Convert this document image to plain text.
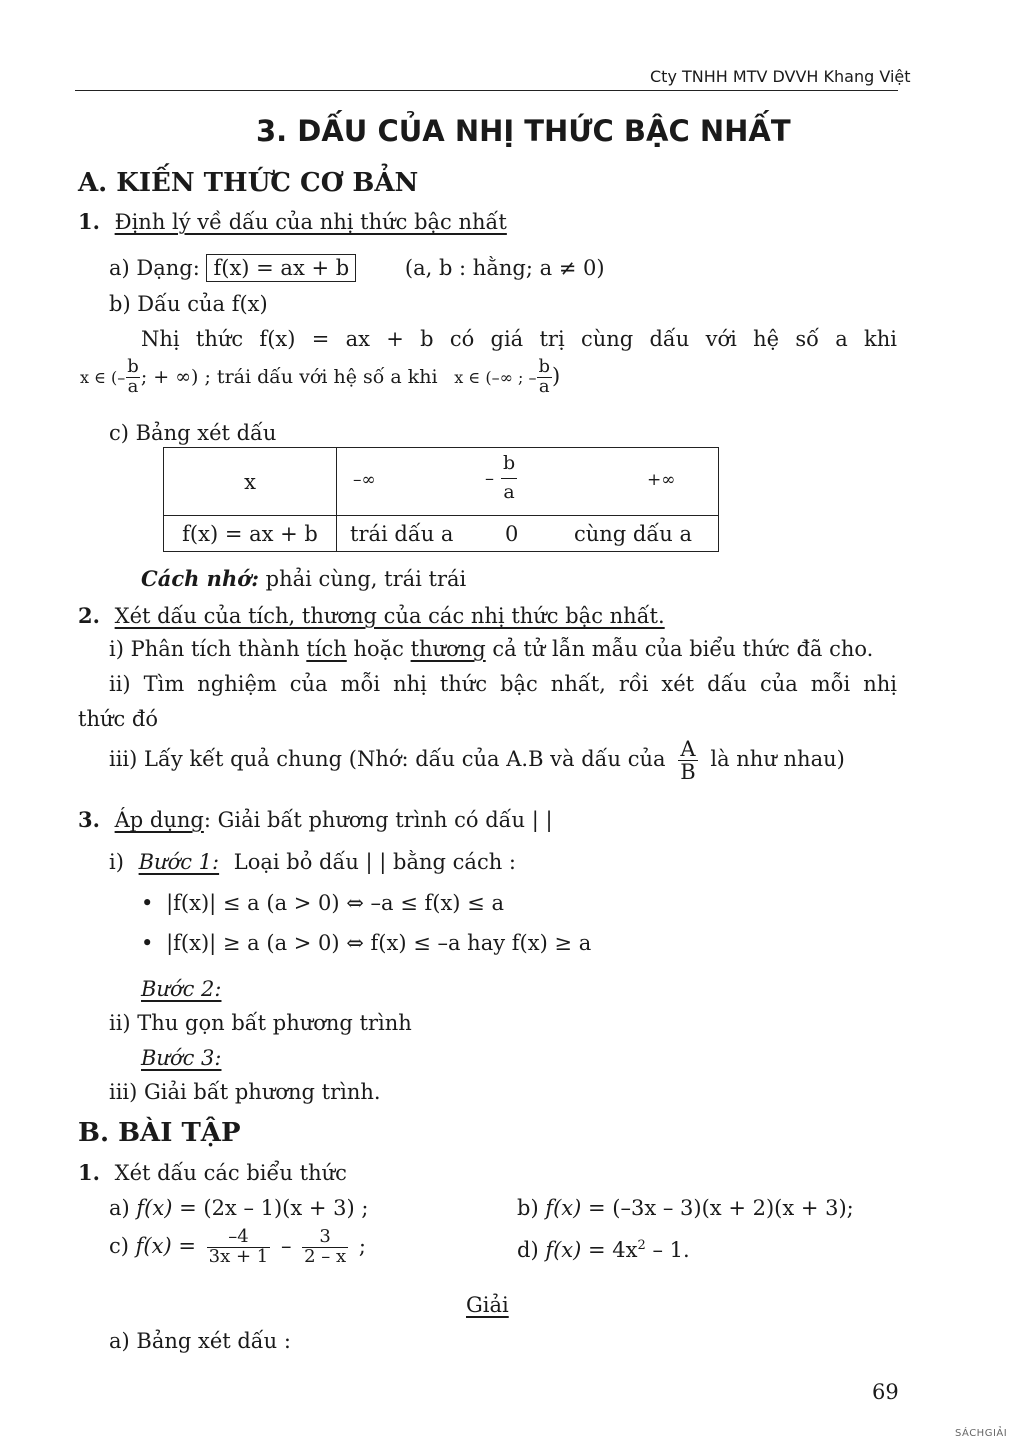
Cty TNHH MTV DVVH Khang Việt
3. DẤU CỦA NHỊ THỨC BẬC NHẤT
A. KIẾN THỨC CƠ BẢN
1. Định lý về dấu của nhị thức bậc nhất
a) Dạng: f(x) = ax + b	(a, b : hằng; a ≠ 0)
b) Dấu của f(x)
Nhị thức f(x) = ax + b có giá trị cùng dấu với hệ số a khi
x ∈ (– $\frac{b}{a}$ ; + ∞) ; trái dấu với hệ số a khi x ∈ (–∞ ; – $\frac{b}{a}$ )
c) Bảng xét dấu
x	–∞ – $\frac{b}{a}$ +∞

f(x) = ax + b	trái dấu a 0 cùng dấu a
Cách nhớ: phải cùng, trái trái
2. Xét dấu của tích, thương của các nhị thức bậc nhất.
i) Phân tích thành tích hoặc thương cả tử lẫn mẫu của biểu thức đã cho.
ii) Tìm nghiệm của mỗi nhị thức bậc nhất, rồi xét dấu của mỗi nhị
thức đó
iii) Lấy kết quả chung (Nhớ: dấu của A.B và dấu của $\frac{A}{B}$ là như nhau)
3. Áp dụng: Giải bất phương trình có dấu | |
i) Bước 1: Loại bỏ dấu | | bằng cách :
• |f(x)| ≤ a (a > 0) ⇔ –a ≤ f(x) ≤ a
• |f(x)| ≥ a (a > 0) ⇔ f(x) ≤ –a hay f(x) ≥ a
Bước 2:
ii) Thu gọn bất phương trình
Bước 3:
iii) Giải bất phương trình.
B. BÀI TẬP
1. Xét dấu các biểu thức
a) f(x) = (2x – 1)(x + 3) ;	b) f(x) = (–3x – 3)(x + 2)(x + 3);
c) $f(x) = \frac{-4}{3x + 1} - \frac{3}{2 - x}$ ;	d) $f(x) = 4x^2 - 1$.
Giải
a) Bảng xét dấu :
69
SÁCHGIẢI
